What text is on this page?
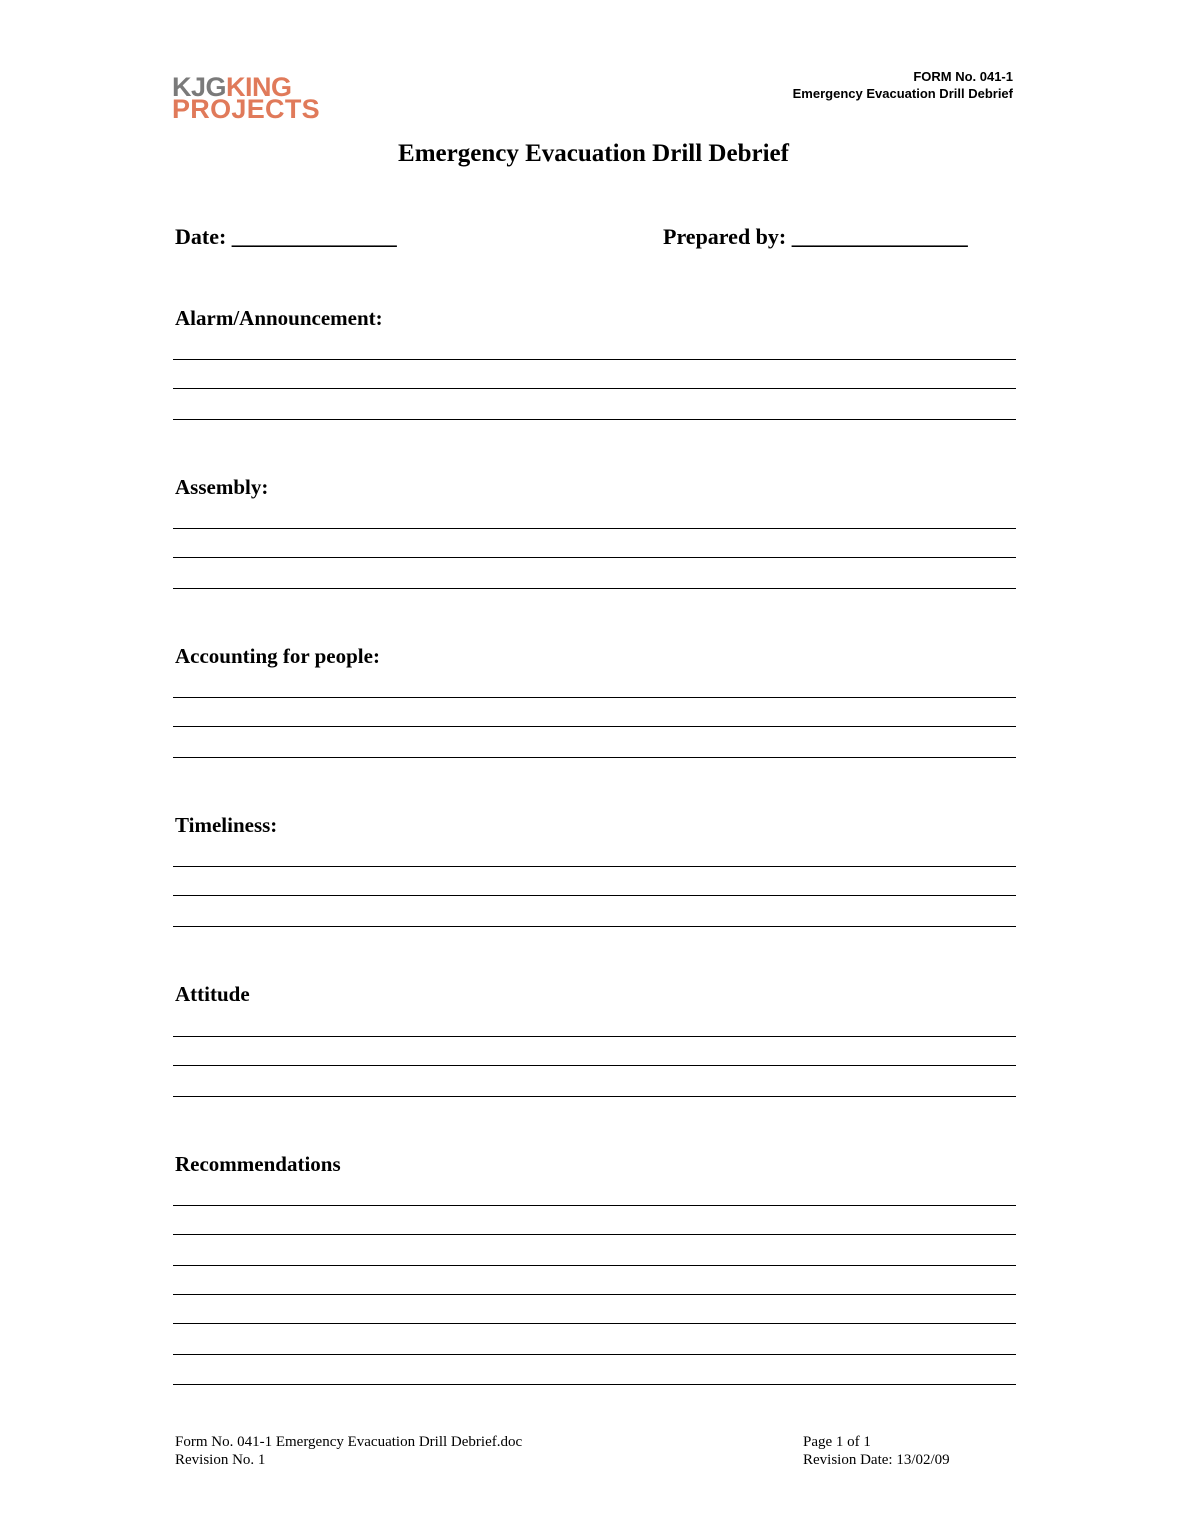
KJGKING
PROJECTS
FORM No. 041-1
Emergency Evacuation Drill Debrief
Emergency Evacuation Drill Debrief
Date: _______________	Prepared by: ________________
Alarm/Announcement:
Assembly:
Accounting for people:
Timeliness:
Attitude
Recommendations
Form No. 041-1 Emergency Evacuation Drill Debrief.doc
Revision No. 1
Page 1 of 1
Revision Date: 13/02/09
